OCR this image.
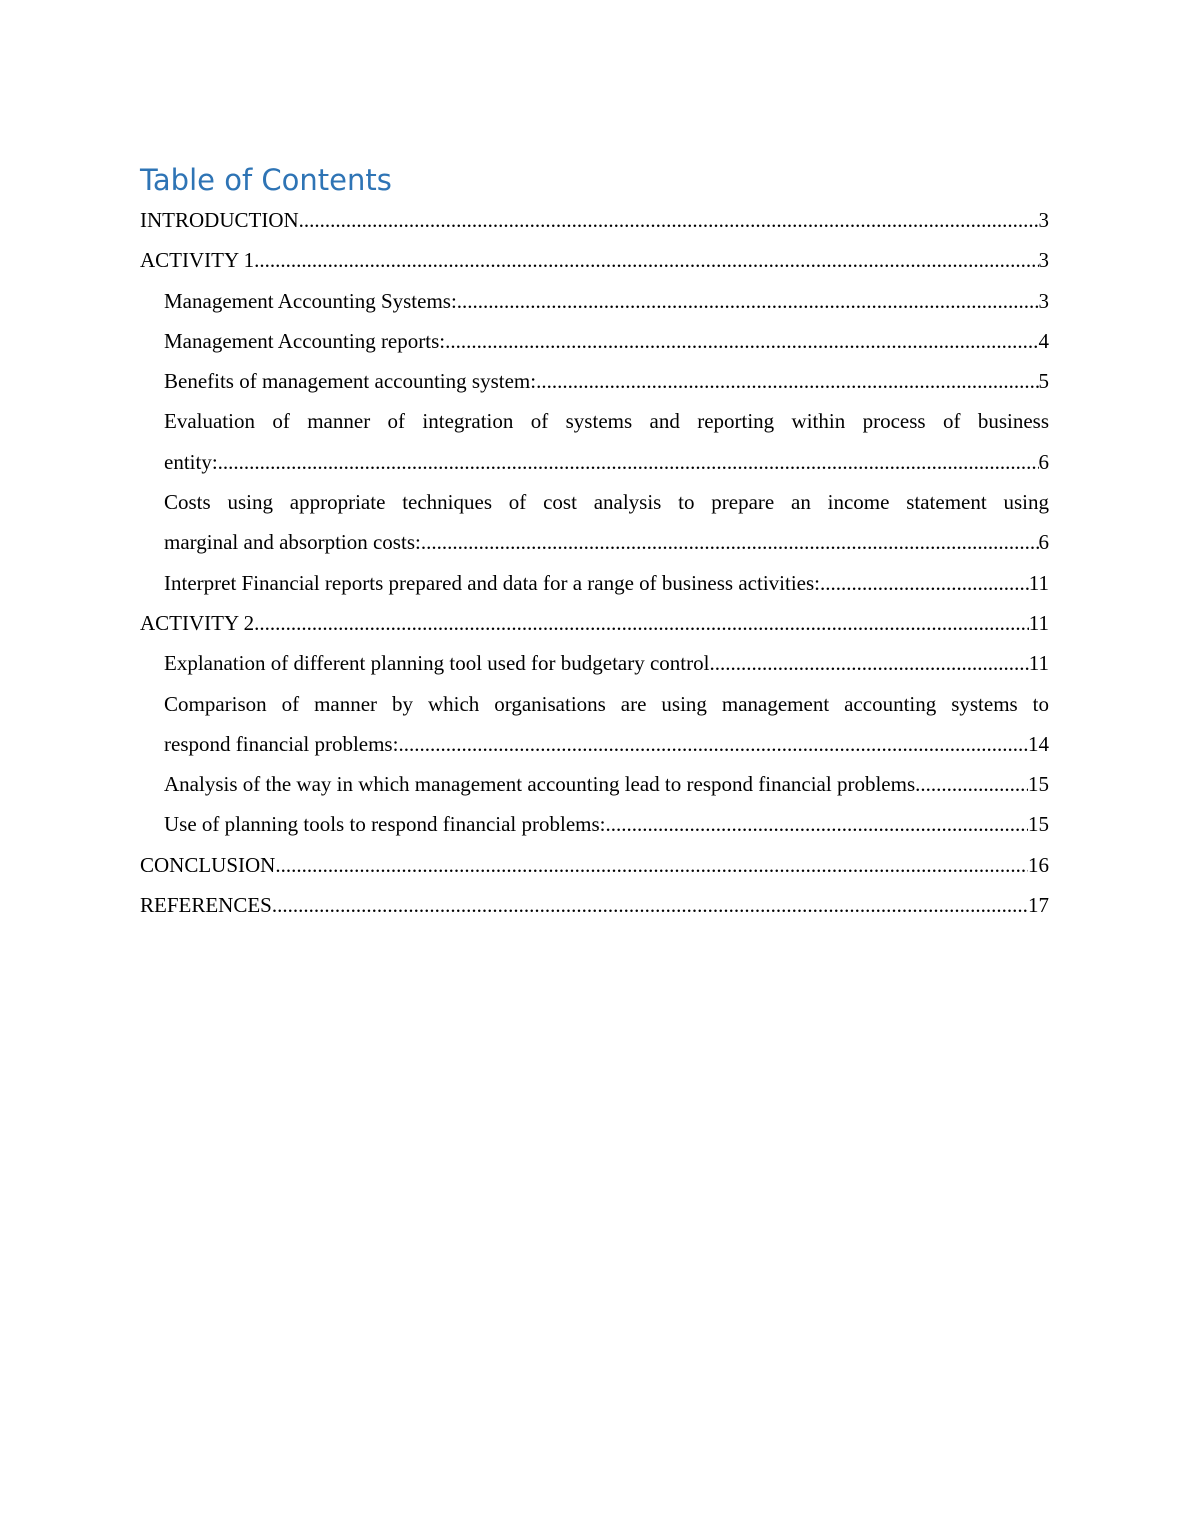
Table of Contents
INTRODUCTION .....	3
ACTIVITY 1 .....	3
Management Accounting Systems: .....	3
Management Accounting reports: .....	4
Benefits of management accounting system: .....	5
Evaluation of manner of integration of systems and reporting within process of business
entity: .....	6
Costs using appropriate techniques of cost analysis to prepare an income statement using
marginal and absorption costs: .....	6
Interpret Financial reports prepared and data for a range of business activities: .....	11
ACTIVITY 2 .....	11
Explanation of different planning tool used for budgetary control .....	11
Comparison of manner by which organisations are using management accounting systems to
respond financial problems: .....	14
Analysis of the way in which management accounting lead to respond financial problems. .....	15
Use of planning tools to respond financial problems: .....	15
CONCLUSION .....	16
REFERENCES .....	17
